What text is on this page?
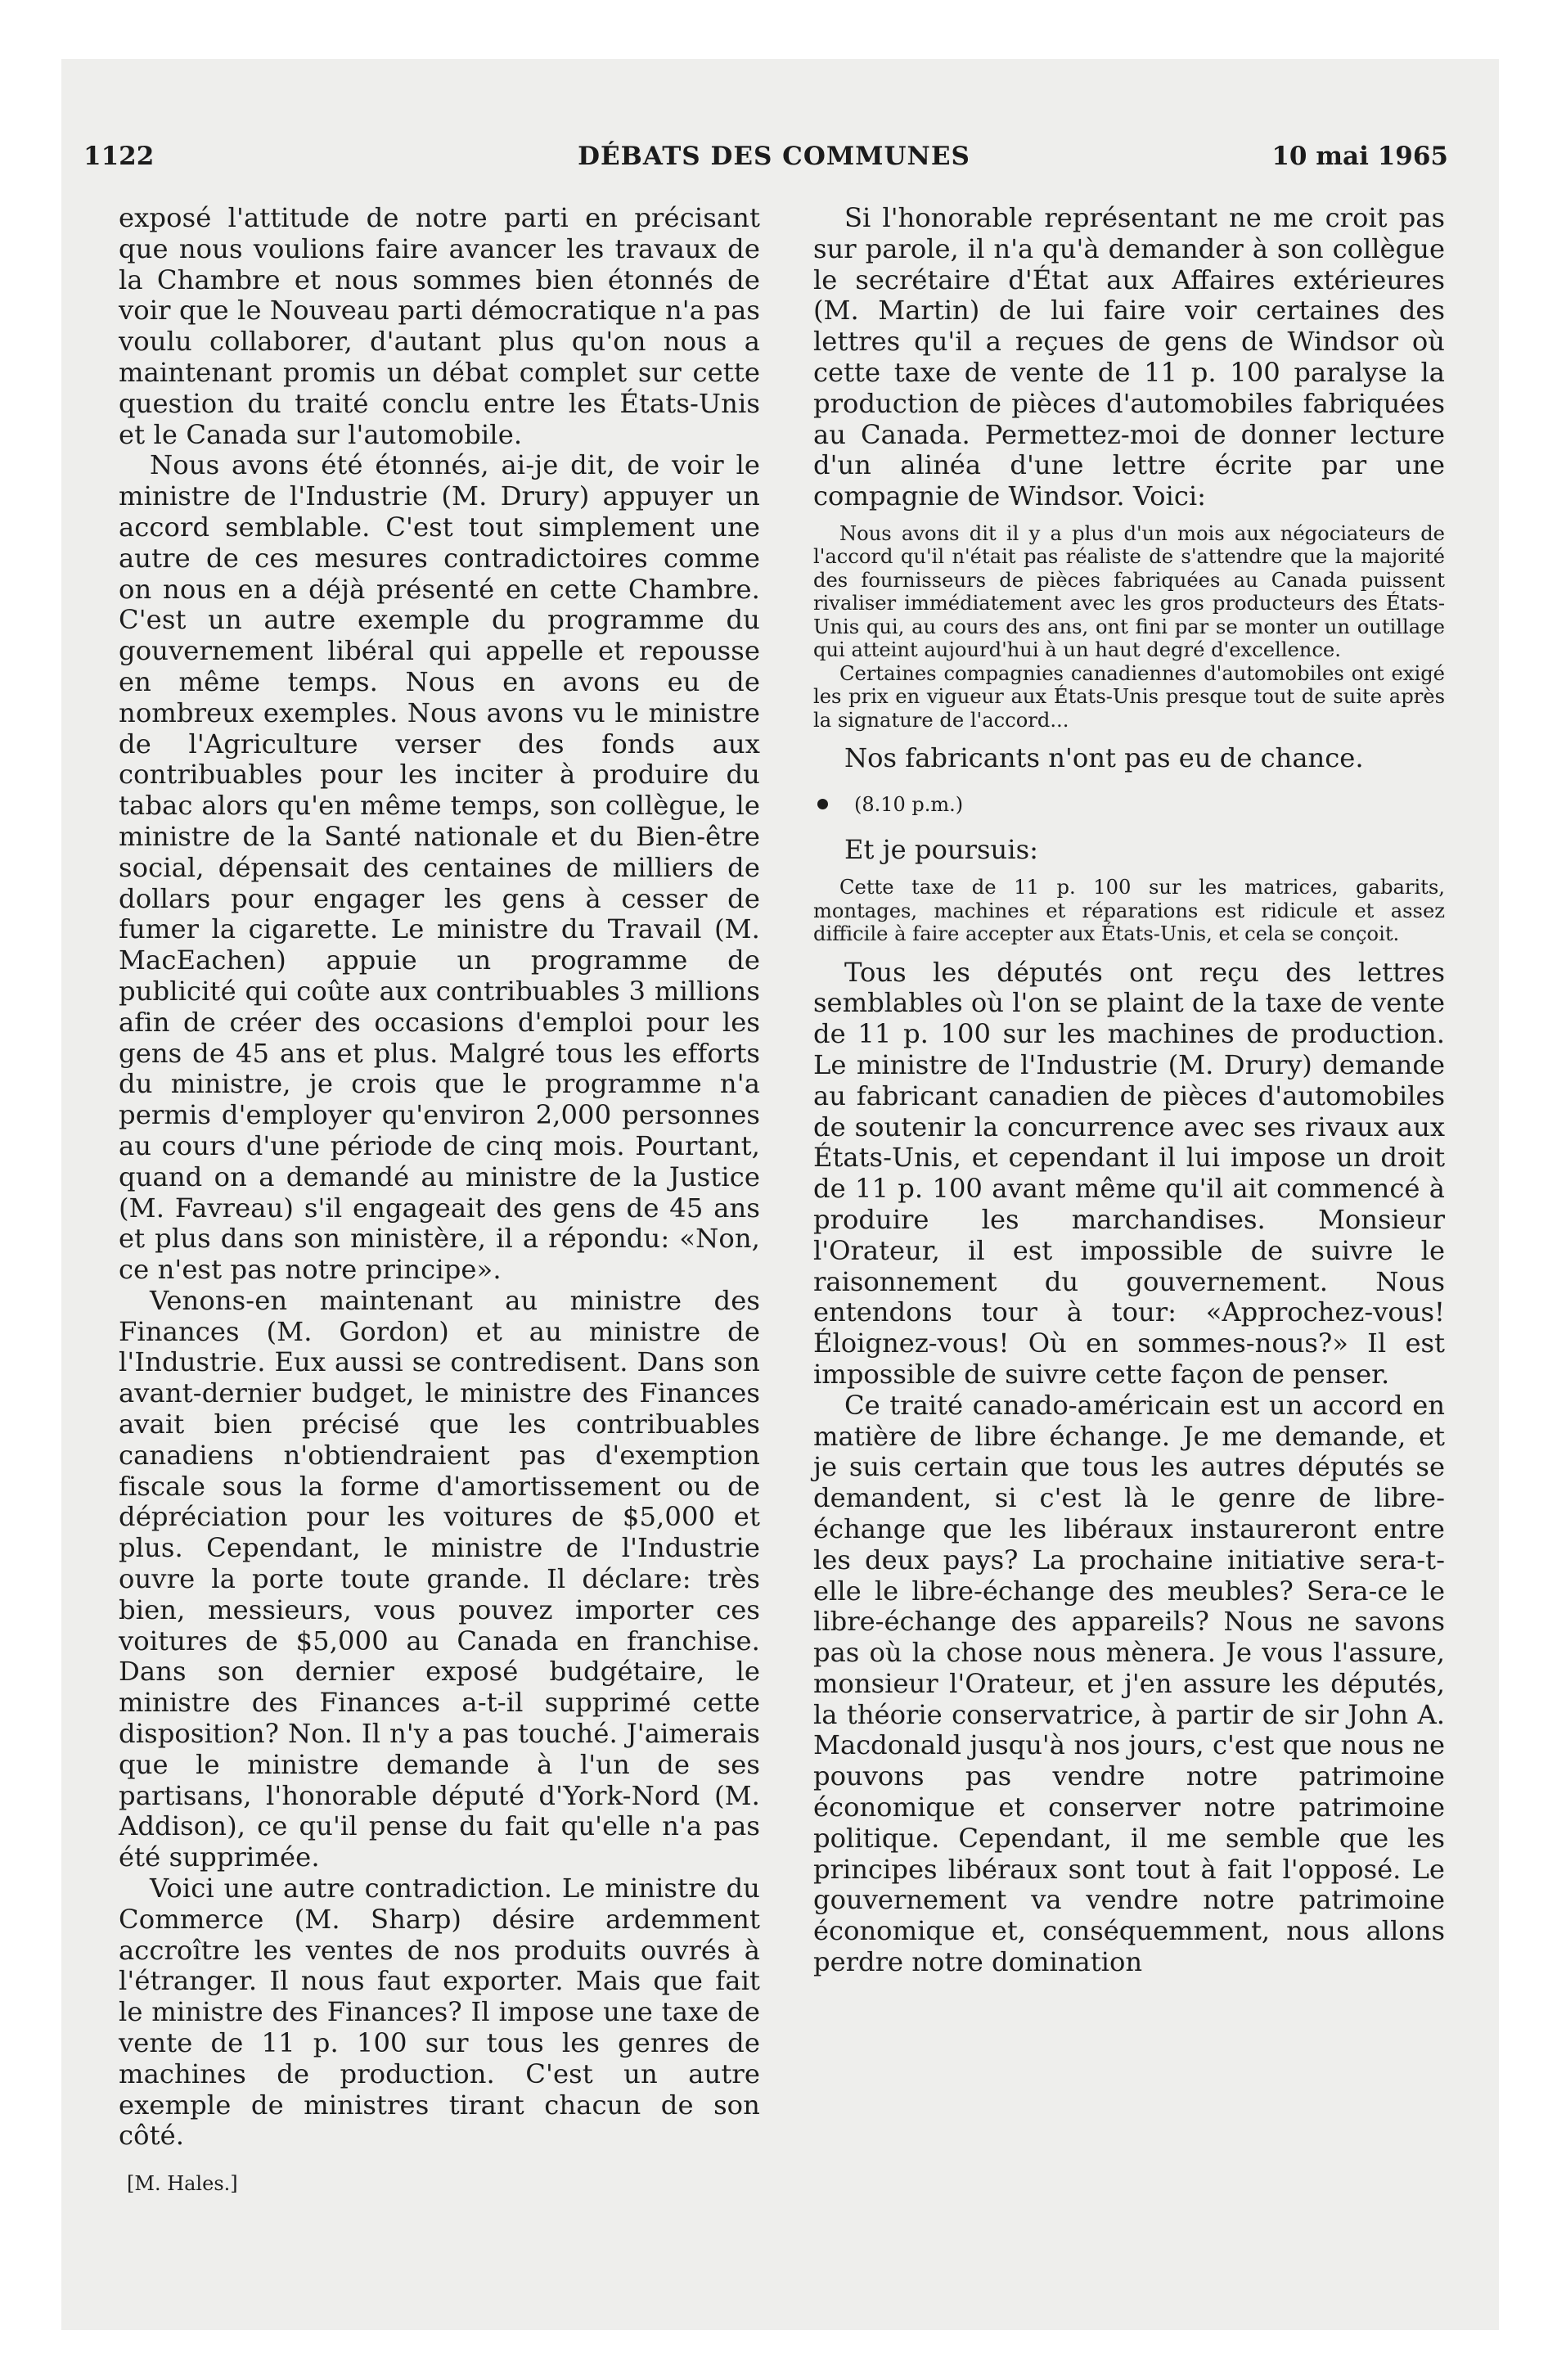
1122	DÉBATS DES COMMUNES	10 mai 1965

exposé l'attitude de notre parti en précisant que nous voulions faire avancer les travaux de la Chambre et nous sommes bien étonnés de voir que le Nouveau parti démocratique n'a pas voulu collaborer, d'autant plus qu'on nous a maintenant promis un débat complet sur cette question du traité conclu entre les États-Unis et le Canada sur l'automobile.

Nous avons été étonnés, ai-je dit, de voir le ministre de l'Industrie (M. Drury) appuyer un accord semblable. C'est tout simplement une autre de ces mesures contradictoires comme on nous en a déjà présenté en cette Chambre. C'est un autre exemple du programme du gouvernement libéral qui appelle et repousse en même temps. Nous en avons eu de nombreux exemples. Nous avons vu le ministre de l'Agriculture verser des fonds aux contribuables pour les inciter à produire du tabac alors qu'en même temps, son collègue, le ministre de la Santé nationale et du Bien-être social, dépensait des centaines de milliers de dollars pour engager les gens à cesser de fumer la cigarette. Le ministre du Travail (M. MacEachen) appuie un programme de publicité qui coûte aux contribuables 3 millions afin de créer des occasions d'emploi pour les gens de 45 ans et plus. Malgré tous les efforts du ministre, je crois que le programme n'a permis d'employer qu'environ 2,000 personnes au cours d'une période de cinq mois. Pourtant, quand on a demandé au ministre de la Justice (M. Favreau) s'il engageait des gens de 45 ans et plus dans son ministère, il a répondu: «Non, ce n'est pas notre principe».

Venons-en maintenant au ministre des Finances (M. Gordon) et au ministre de l'Industrie. Eux aussi se contredisent. Dans son avant-dernier budget, le ministre des Finances avait bien précisé que les contribuables canadiens n'obtiendraient pas d'exemption fiscale sous la forme d'amortissement ou de dépréciation pour les voitures de $5,000 et plus. Cependant, le ministre de l'Industrie ouvre la porte toute grande. Il déclare: très bien, messieurs, vous pouvez importer ces voitures de $5,000 au Canada en franchise. Dans son dernier exposé budgétaire, le ministre des Finances a-t-il supprimé cette disposition? Non. Il n'y a pas touché. J'aimerais que le ministre demande à l'un de ses partisans, l'honorable député d'York-Nord (M. Addison), ce qu'il pense du fait qu'elle n'a pas été supprimée.

Voici une autre contradiction. Le ministre du Commerce (M. Sharp) désire ardemment accroître les ventes de nos produits ouvrés à l'étranger. Il nous faut exporter. Mais que fait le ministre des Finances? Il impose une taxe de vente de 11 p. 100 sur tous les genres de machines de production. C'est un autre exemple de ministres tirant chacun de son côté.

[M. Hales.]

Si l'honorable représentant ne me croit pas sur parole, il n'a qu'à demander à son collègue le secrétaire d'État aux Affaires extérieures (M. Martin) de lui faire voir certaines des lettres qu'il a reçues de gens de Windsor où cette taxe de vente de 11 p. 100 paralyse la production de pièces d'automobiles fabriquées au Canada. Permettez-moi de donner lecture d'un alinéa d'une lettre écrite par une compagnie de Windsor. Voici:

Nous avons dit il y a plus d'un mois aux négociateurs de l'accord qu'il n'était pas réaliste de s'attendre que la majorité des fournisseurs de pièces fabriquées au Canada puissent rivaliser immédiatement avec les gros producteurs des États-Unis qui, au cours des ans, ont fini par se monter un outillage qui atteint aujourd'hui à un haut degré d'excellence.

Certaines compagnies canadiennes d'automobiles ont exigé les prix en vigueur aux États-Unis presque tout de suite après la signature de l'accord...

Nos fabricants n'ont pas eu de chance.

(8.10 p.m.)

Et je poursuis:

Cette taxe de 11 p. 100 sur les matrices, gabarits, montages, machines et réparations est ridicule et assez difficile à faire accepter aux États-Unis, et cela se conçoit.

Tous les députés ont reçu des lettres semblables où l'on se plaint de la taxe de vente de 11 p. 100 sur les machines de production. Le ministre de l'Industrie (M. Drury) demande au fabricant canadien de pièces d'automobiles de soutenir la concurrence avec ses rivaux aux États-Unis, et cependant il lui impose un droit de 11 p. 100 avant même qu'il ait commencé à produire les marchandises. Monsieur l'Orateur, il est impossible de suivre le raisonnement du gouvernement. Nous entendons tour à tour: «Approchez-vous! Éloignez-vous! Où en sommes-nous?» Il est impossible de suivre cette façon de penser.

Ce traité canado-américain est un accord en matière de libre échange. Je me demande, et je suis certain que tous les autres députés se demandent, si c'est là le genre de libre-échange que les libéraux instaureront entre les deux pays? La prochaine initiative sera-t-elle le libre-échange des meubles? Sera-ce le libre-échange des appareils? Nous ne savons pas où la chose nous mènera. Je vous l'assure, monsieur l'Orateur, et j'en assure les députés, la théorie conservatrice, à partir de sir John A. Macdonald jusqu'à nos jours, c'est que nous ne pouvons pas vendre notre patrimoine économique et conserver notre patrimoine politique. Cependant, il me semble que les principes libéraux sont tout à fait l'opposé. Le gouvernement va vendre notre patrimoine économique et, conséquemment, nous allons perdre notre domination
